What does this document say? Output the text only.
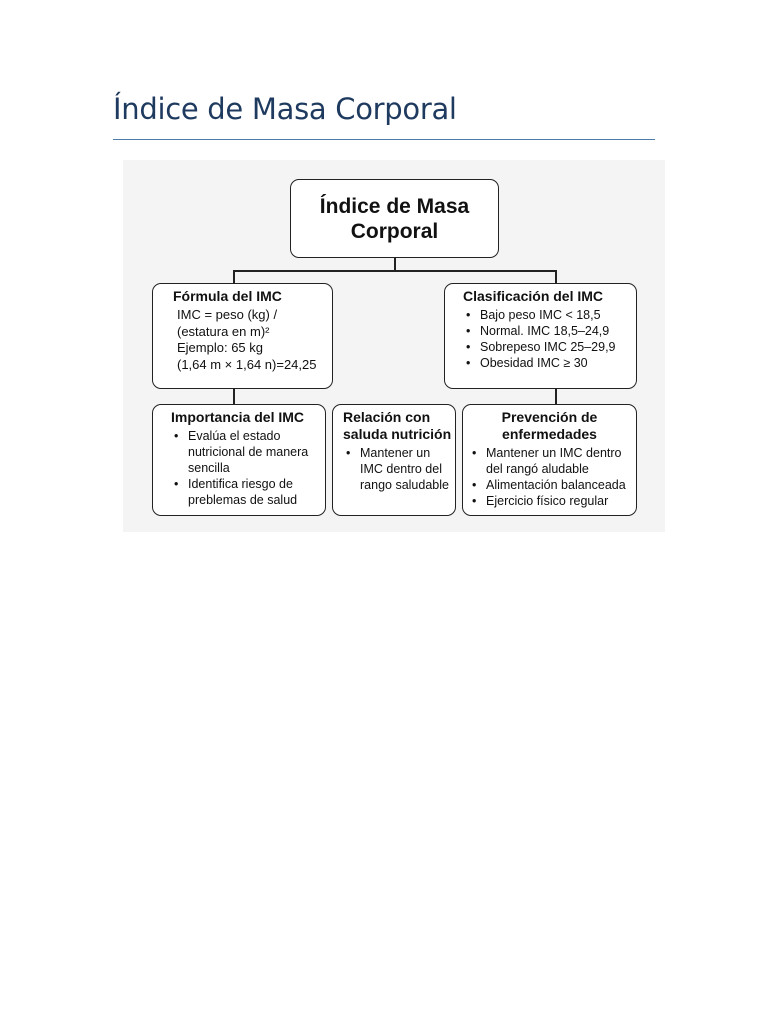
Índice de Masa Corporal

Índice de Masa

Corporal

Fórmula del IMC

IMC = peso (kg) /

(estatura en m)²

Ejemplo: 65 kg

(1,64 m × 1,64 n)=24,25

Clasificación del IMC

• Bajo peso IMC < 18,5
• Normal. IMC 18,5–24,9
• Sobrepeso IMC 25–29,9
• Obesidad IMC ≥ 30

Importancia del IMC

• Evalúa el estado nutricional de manera sencilla
• Identifica riesgo de preblemas de salud

Relación con

saluda nutrición

• Mantener un IMC dentro del rango saludable

Prevención de

enfermedades

• Mantener un IMC dentro del rangó aludable
• Alimentación balanceada
• Ejercicio físico regular
